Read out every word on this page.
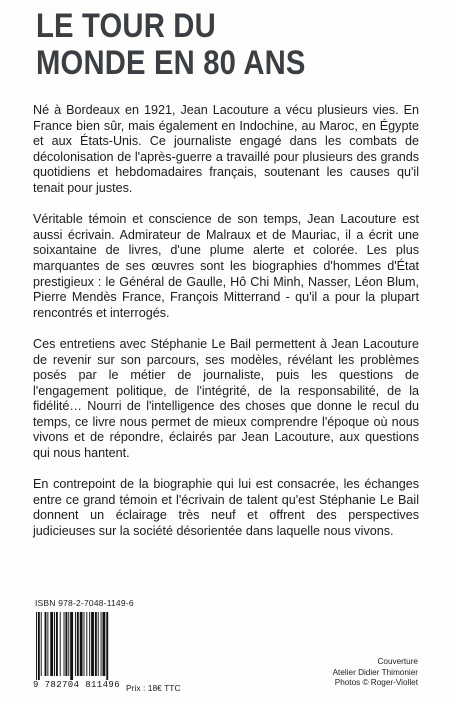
LE TOUR DU
MONDE EN 80 ANS

Né à Bordeaux en 1921, Jean Lacouture a vécu plusieurs vies. En France bien sûr, mais également en Indochine, au Maroc, en Égypte et aux États-Unis. Ce journaliste engagé dans les combats de décolonisation de l'après-guerre a travaillé pour plusieurs des grands quotidiens et hebdomadaires français, soutenant les causes qu'il tenait pour justes.

Véritable témoin et conscience de son temps, Jean Lacouture est aussi écrivain. Admirateur de Malraux et de Mauriac, il a écrit une soixantaine de livres, d'une plume alerte et colorée. Les plus marquantes de ses œuvres sont les biographies d'hommes d'État prestigieux : le Général de Gaulle, Hô Chi Minh, Nasser, Léon Blum, Pierre Mendès France, François Mitterrand - qu'il a pour la plupart rencontrés et interrogés.

Ces entretiens avec Stéphanie Le Bail permettent à Jean Lacouture de revenir sur son parcours, ses modèles, révélant les problèmes posés par le métier de journaliste, puis les questions de l'engagement politique, de l'intégrité, de la responsabilité, de la fidélité… Nourri de l'intelligence des choses que donne le recul du temps, ce livre nous permet de mieux comprendre l'époque où nous vivons et de répondre, éclairés par Jean Lacouture, aux questions qui nous hantent.

En contrepoint de la biographie qui lui est consacrée, les échanges entre ce grand témoin et l'écrivain de talent qu'est Stéphanie Le Bail donnent un éclairage très neuf et offrent des perspectives judicieuses sur la société désorientée dans laquelle nous vivons.

ISBN 978-2-7048-1149-6
9 782704 811496 Prix : 18€ TTC
Couverture
Atelier Didier Thimonier
Photos © Roger-Viollet
